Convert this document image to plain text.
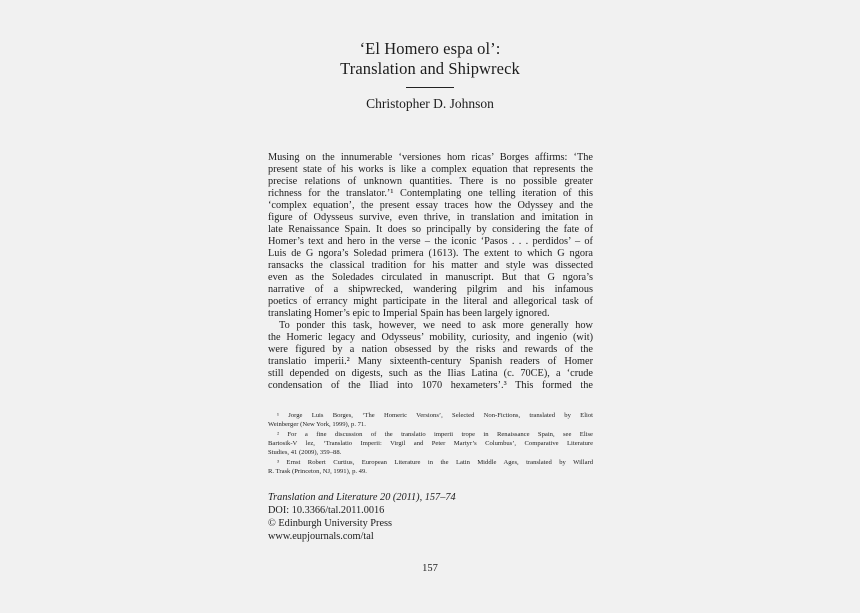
‘El Homero espa ol’:
Translation and Shipwreck
Christopher D. Johnson
Musing on the innumerable ‘versiones hom ricas’ Borges affirms: ‘The
present state of his works is like a complex equation that represents the
precise relations of unknown quantities. There is no possible greater
richness for the translator.’¹ Contemplating one telling iteration of this
‘complex equation’, the present essay traces how the Odyssey and the
figure of Odysseus survive, even thrive, in translation and imitation in
late Renaissance Spain. It does so principally by considering the fate of
Homer’s text and hero in the verse – the iconic ‘Pasos . . . perdidos’ – of
Luis de G ngora’s Soledad primera (1613). The extent to which G ngora
ransacks the classical tradition for his matter and style was dissected
even as the Soledades circulated in manuscript. But that G ngora’s
narrative of a shipwrecked, wandering pilgrim and his infamous
poetics of errancy might participate in the literal and allegorical task of
translating Homer’s epic to Imperial Spain has been largely ignored.
To ponder this task, however, we need to ask more generally how
the Homeric legacy and Odysseus’ mobility, curiosity, and ingenio (wit)
were figured by a nation obsessed by the risks and rewards of the
translatio imperii.² Many sixteenth-century Spanish readers of Homer
still depended on digests, such as the Ilias Latina (c. 70CE), a ‘crude
condensation of the Iliad into 1070 hexameters’.³ This formed the
¹ Jorge Luis Borges, ‘The Homeric Versions’, Selected Non-Fictions, translated by Eliot
Weinberger (New York, 1999), p. 71.
² For a fine discussion of the translatio imperii trope in Renaissance Spain, see Elise
Bartosik-V lez, ‘Translatio Imperii: Virgil and Peter Martyr’s Columbus’, Comparative Literature
Studies, 41 (2009), 359–88.
³ Ernst Robert Curtius, European Literature in the Latin Middle Ages, translated by Willard
R. Trask (Princeton, NJ, 1991), p. 49.
Translation and Literature 20 (2011), 157–74
DOI: 10.3366/tal.2011.0016
© Edinburgh University Press
www.eupjournals.com/tal
157
